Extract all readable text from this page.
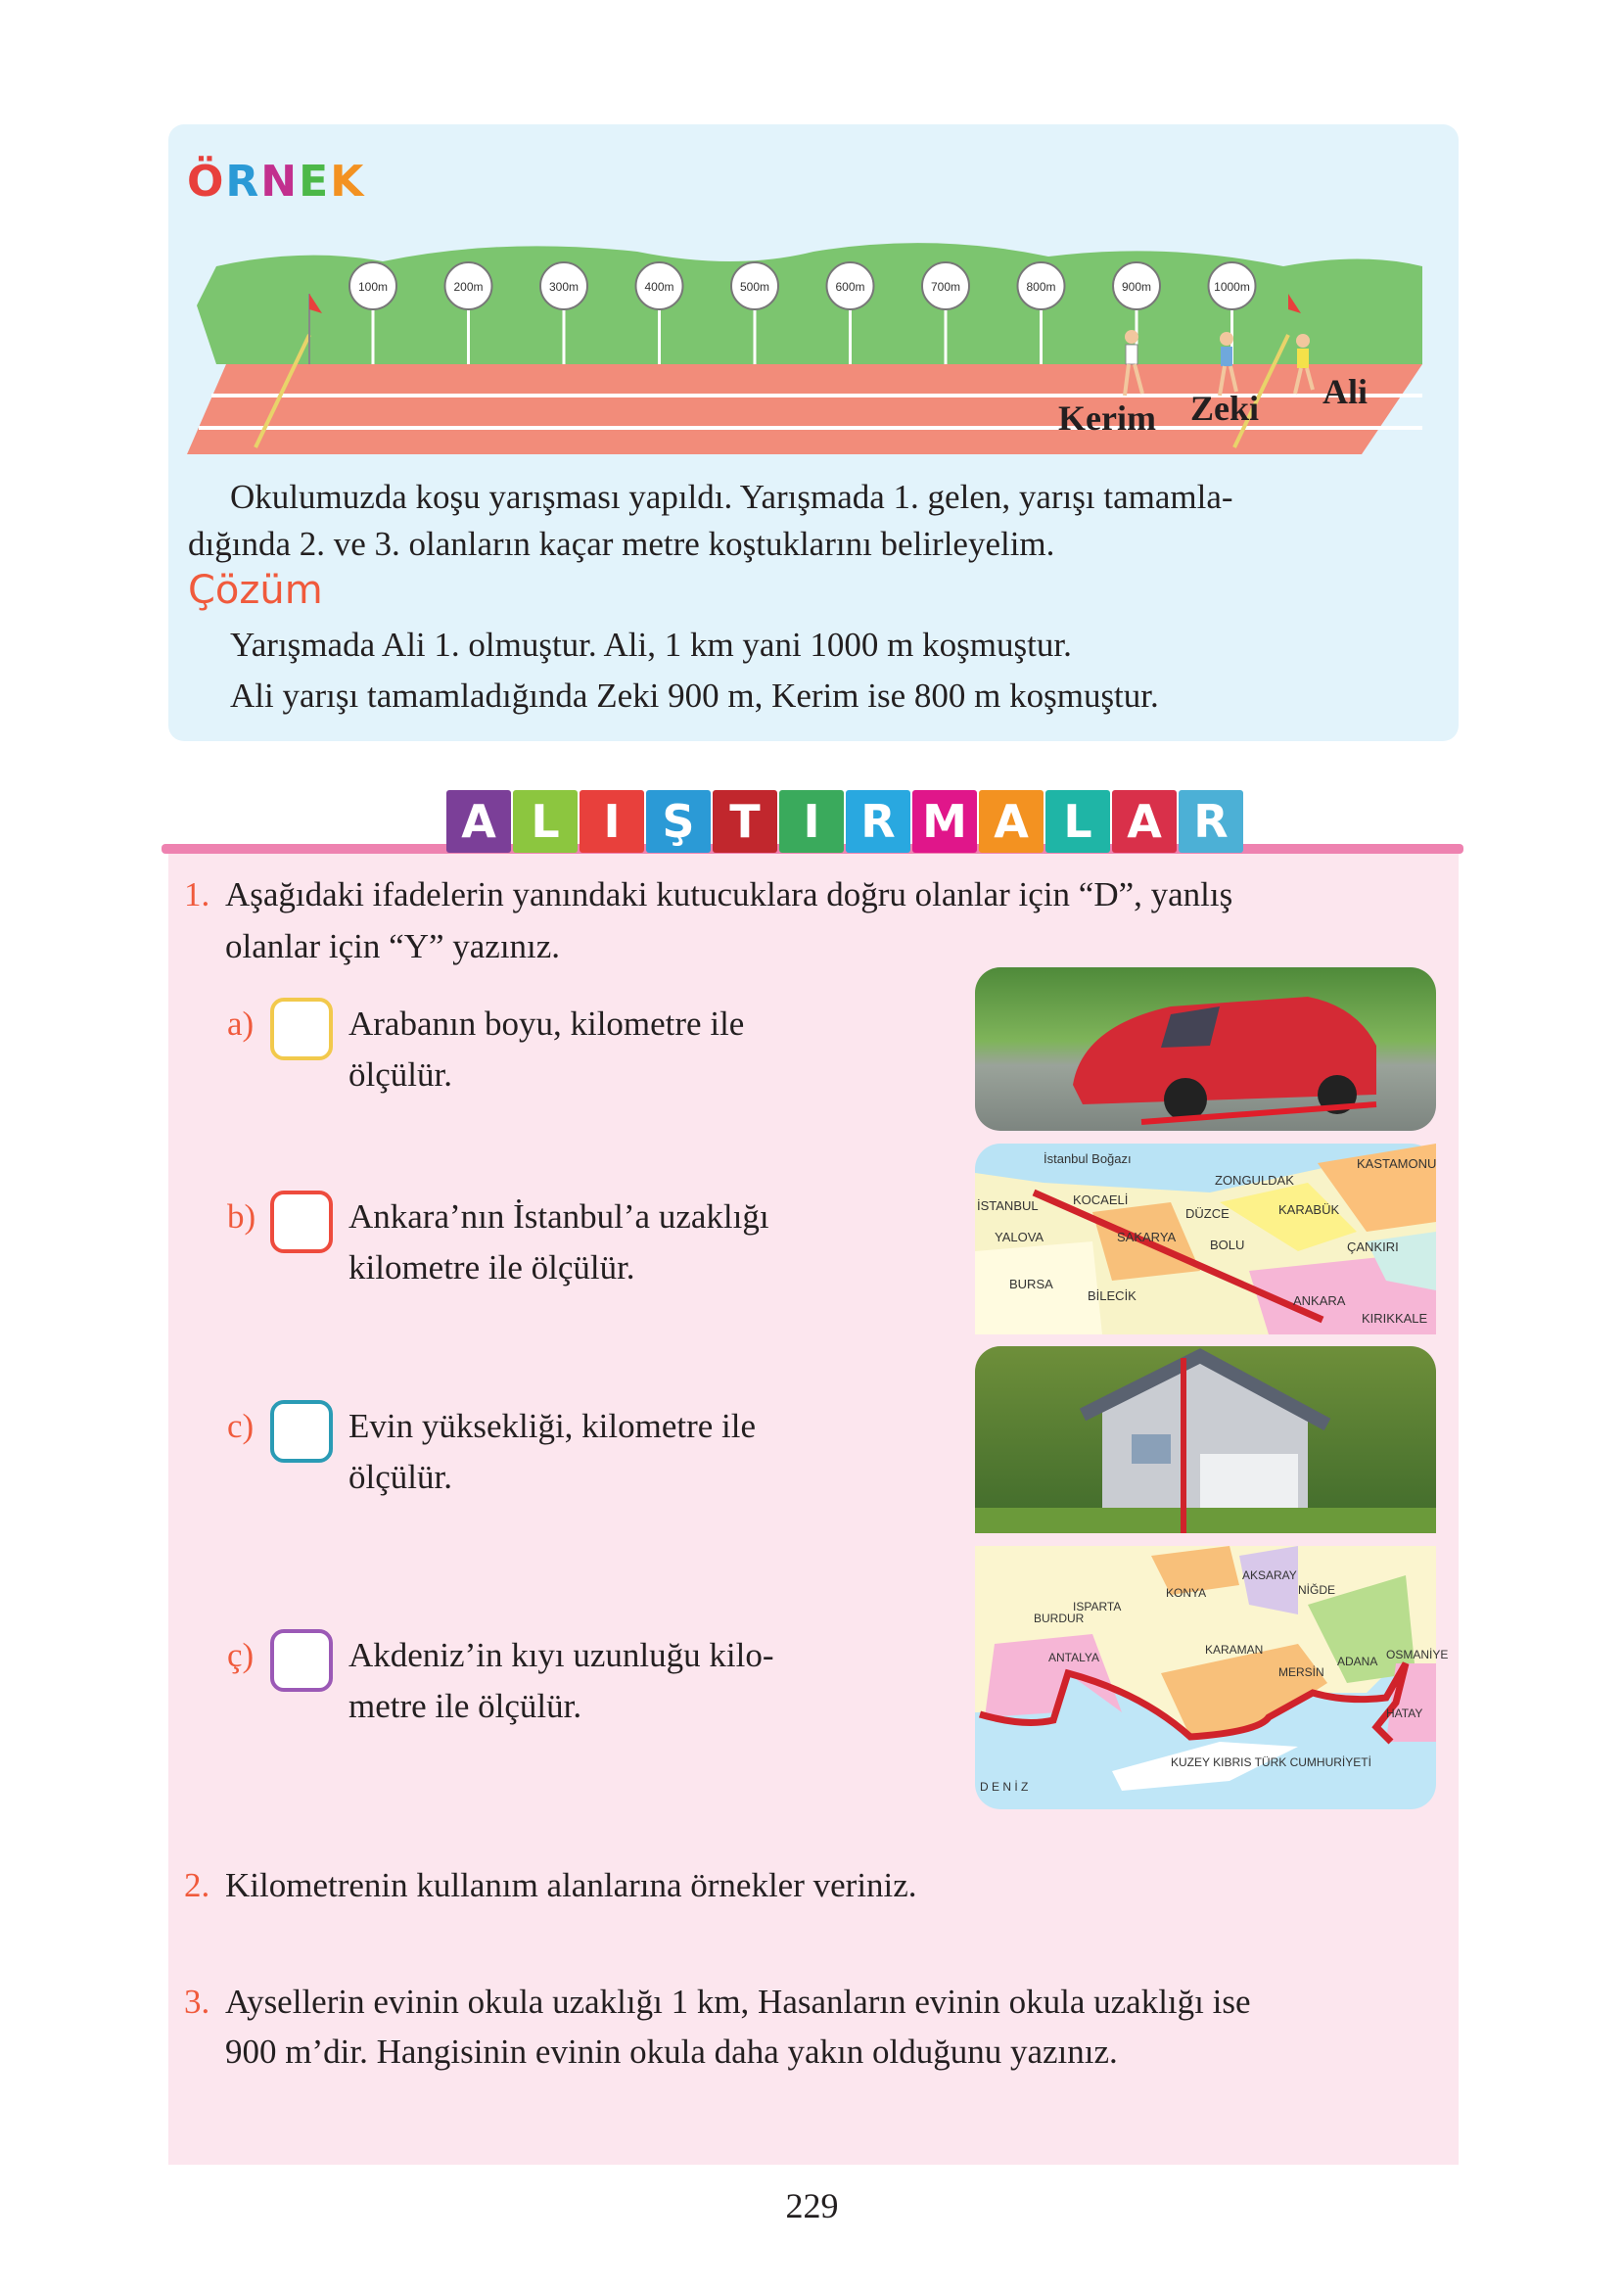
ÖRNEK
100m	200m	300m	400m	500m	600m	700m	800m	900m	1000m
Kerim Zeki Ali
Okulumuzda koşu yarışması yapıldı. Yarışmada 1. gelen, yarışı tamamla-
dığında 2. ve 3. olanların kaçar metre koştuklarını belirleyelim.
Çözüm
Yarışmada Ali 1. olmuştur. Ali, 1 km yani 1000 m koşmuştur.
Ali yarışı tamamladığında Zeki 900 m, Kerim ise 800 m koşmuştur.
A L I Ş T I R M A L A R
1. Aşağıdaki ifadelerin yanındaki kutucuklara doğru olanlar için “D”, yanlış
olanlar için “Y” yazınız.
a)	Arabanın boyu, kilometre ile
ölçülür.
b)	Ankara’nın İstanbul’a uzaklığı
kilometre ile ölçülür.
c)	Evin yüksekliği, kilometre ile
ölçülür.
ç)	Akdeniz’in kıyı uzunluğu kilo-
metre ile ölçülür.
İstanbul Boğazı
İSTANBUL	KOCAELİ
ZONGULDAK
KARABÜK
KASTAMONU
DÜZCE
SAKARYA
BOLU	ÇANKIRI
YALOVA
BURSA
BİLECİK	ANKARA
KIRIKKALE
AKSARAY
NİĞDE
KONYA
ISPARTA
BURDUR
KARAMAN
ANTALYA
MERSİN
ADANA OSMANİYE
HATAY
KUZEY KIBRIS TÜRK CUMHURİYETİ
D E N İ Z
2. Kilometrenin kullanım alanlarına örnekler veriniz.
3. Aysellerin evinin okula uzaklığı 1 km, Hasanların evinin okula uzaklığı ise
900 m’dir. Hangisinin evinin okula daha yakın olduğunu yazınız.
229
